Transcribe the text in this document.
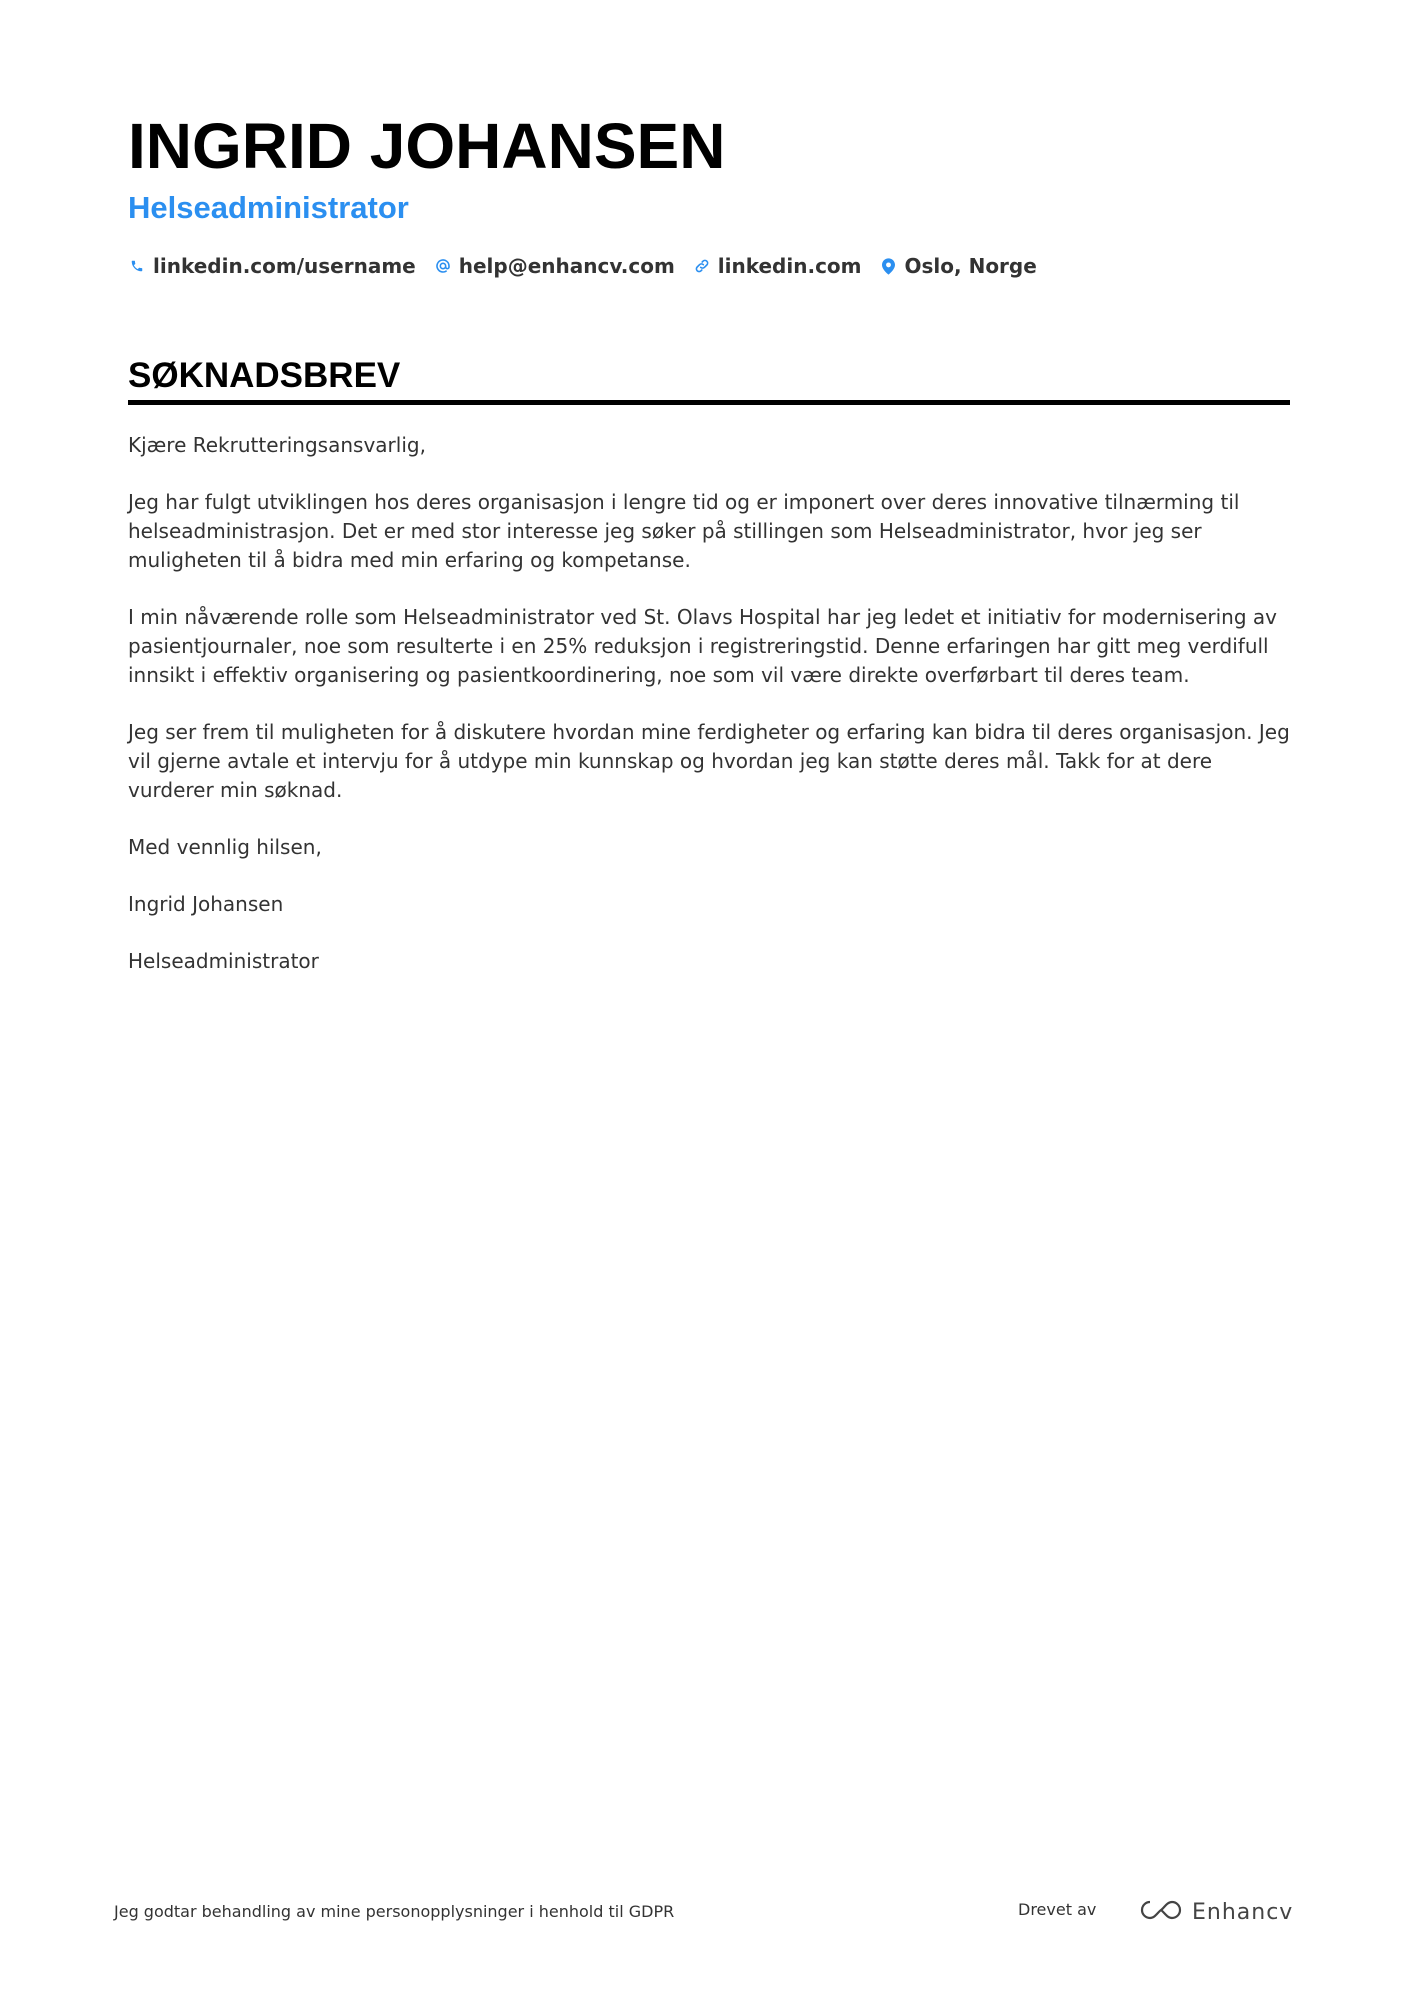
INGRID JOHANSEN
Helseadministrator
linkedin.com/username help@enhancv.com linkedin.com Oslo, Norge
SØKNADSBREV

Kjære Rekrutteringsansvarlig,

Jeg har fulgt utviklingen hos deres organisasjon i lengre tid og er imponert over deres innovative tilnærming til helseadministrasjon. Det er med stor interesse jeg søker på stillingen som Helseadministrator, hvor jeg ser muligheten til å bidra med min erfaring og kompetanse.

I min nåværende rolle som Helseadministrator ved St. Olavs Hospital har jeg ledet et initiativ for modernisering av pasientjournaler, noe som resulterte i en 25% reduksjon i registreringstid. Denne erfaringen har gitt meg verdifull innsikt i effektiv organisering og pasientkoordinering, noe som vil være direkte overførbart til deres team.

Jeg ser frem til muligheten for å diskutere hvordan mine ferdigheter og erfaring kan bidra til deres organisasjon. Jeg vil gjerne avtale et intervju for å utdype min kunnskap og hvordan jeg kan støtte deres mål. Takk for at dere vurderer min søknad.

Med vennlig hilsen,

Ingrid Johansen

Helseadministrator

Jeg godtar behandling av mine personopplysninger i henhold til GDPR	Drevet av	Enhancv
